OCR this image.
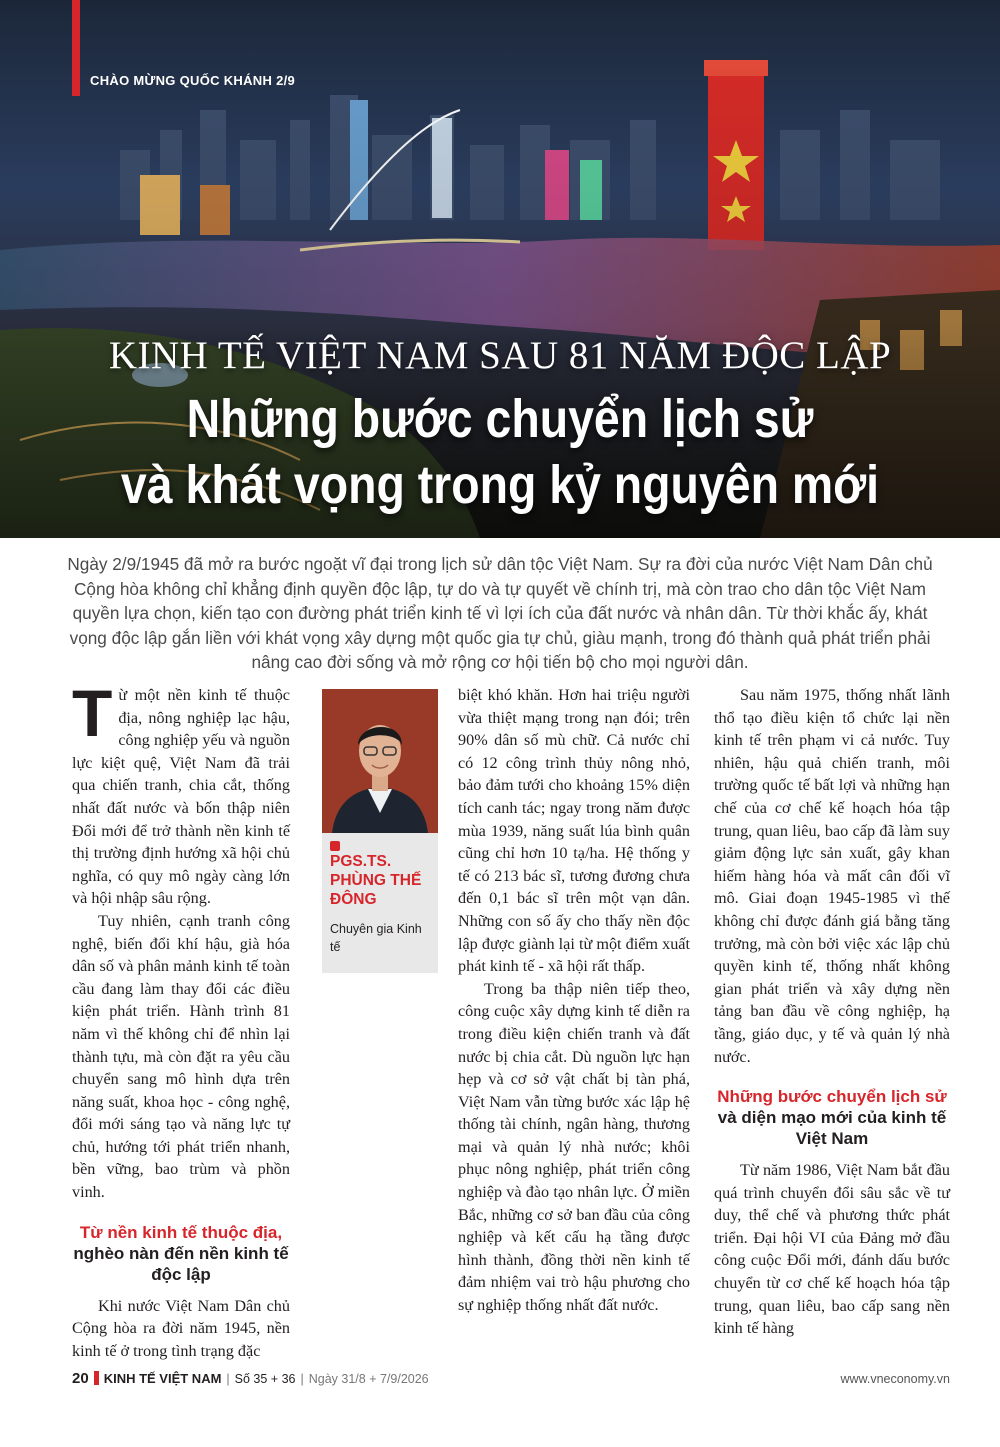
CHÀO MỪNG QUỐC KHÁNH 2/9
KINH TẾ VIỆT NAM SAU 81 NĂM ĐỘC LẬP
Những bước chuyển lịch sử
và khát vọng trong kỷ nguyên mới
Ngày 2/9/1945 đã mở ra bước ngoặt vĩ đại trong lịch sử dân tộc Việt Nam. Sự ra đời của nước Việt Nam Dân chủ Cộng hòa không chỉ khẳng định quyền độc lập, tự do và tự quyết về chính trị, mà còn trao cho dân tộc Việt Nam quyền lựa chọn, kiến tạo con đường phát triển kinh tế vì lợi ích của đất nước và nhân dân. Từ thời khắc ấy, khát vọng độc lập gắn liền với khát vọng xây dựng một quốc gia tự chủ, giàu mạnh, trong đó thành quả phát triển phải nâng cao đời sống và mở rộng cơ hội tiến bộ cho mọi người dân.

Từ một nền kinh tế thuộc địa, nông nghiệp lạc hậu, công nghiệp yếu và nguồn lực kiệt quệ, Việt Nam đã trải qua chiến tranh, chia cắt, thống nhất đất nước và bốn thập niên Đổi mới để trở thành nền kinh tế thị trường định hướng xã hội chủ nghĩa, có quy mô ngày càng lớn và hội nhập sâu rộng.

Tuy nhiên, cạnh tranh công nghệ, biến đổi khí hậu, già hóa dân số và phân mảnh kinh tế toàn cầu đang làm thay đổi các điều kiện phát triển. Hành trình 81 năm vì thế không chỉ để nhìn lại thành tựu, mà còn đặt ra yêu cầu chuyển sang mô hình dựa trên năng suất, khoa học - công nghệ, đổi mới sáng tạo và năng lực tự chủ, hướng tới phát triển nhanh, bền vững, bao trùm và phồn vinh.

Từ nền kinh tế thuộc địa,
nghèo nàn đến nền kinh tế độc lập

Khi nước Việt Nam Dân chủ Cộng hòa ra đời năm 1945, nền kinh tế ở trong tình trạng đặc

PGS.TS. PHÙNG THẾ ĐÔNG
Chuyên gia Kinh tế

biệt khó khăn. Hơn hai triệu người vừa thiệt mạng trong nạn đói; trên 90% dân số mù chữ. Cả nước chỉ có 12 công trình thủy nông nhỏ, bảo đảm tưới cho khoảng 15% diện tích canh tác; ngay trong năm được mùa 1939, năng suất lúa bình quân cũng chỉ hơn 10 tạ/ha. Hệ thống y tế có 213 bác sĩ, tương đương chưa đến 0,1 bác sĩ trên một vạn dân. Những con số ấy cho thấy nền độc lập được giành lại từ một điểm xuất phát kinh tế - xã hội rất thấp.

Trong ba thập niên tiếp theo, công cuộc xây dựng kinh tế diễn ra trong điều kiện chiến tranh và đất nước bị chia cắt. Dù nguồn lực hạn hẹp và cơ sở vật chất bị tàn phá, Việt Nam vẫn từng bước xác lập hệ thống tài chính, ngân hàng, thương mại và quản lý nhà nước; khôi phục nông nghiệp, phát triển công nghiệp và đào tạo nhân lực. Ở miền Bắc, những cơ sở ban đầu của công nghiệp và kết cấu hạ tầng được hình thành, đồng thời nền kinh tế đảm nhiệm vai trò hậu phương cho sự nghiệp thống nhất đất nước.

Sau năm 1975, thống nhất lãnh thổ tạo điều kiện tổ chức lại nền kinh tế trên phạm vi cả nước. Tuy nhiên, hậu quả chiến tranh, môi trường quốc tế bất lợi và những hạn chế của cơ chế kế hoạch hóa tập trung, quan liêu, bao cấp đã làm suy giảm động lực sản xuất, gây khan hiếm hàng hóa và mất cân đối vĩ mô. Giai đoạn 1945-1985 vì thế không chỉ được đánh giá bằng tăng trưởng, mà còn bởi việc xác lập chủ quyền kinh tế, thống nhất không gian phát triển và xây dựng nền tảng ban đầu về công nghiệp, hạ tầng, giáo dục, y tế và quản lý nhà nước.

Những bước chuyển lịch sử
và diện mạo mới của kinh tế Việt Nam

Từ năm 1986, Việt Nam bắt đầu quá trình chuyển đổi sâu sắc về tư duy, thể chế và phương thức phát triển. Đại hội VI của Đảng mở đầu công cuộc Đổi mới, đánh dấu bước chuyển từ cơ chế kế hoạch hóa tập trung, quan liêu, bao cấp sang nền kinh tế hàng

20 KINH TẾ VIỆT NAM | Số 35 + 36 | Ngày 31/8 + 7/9/2026	www.vneconomy.vn
